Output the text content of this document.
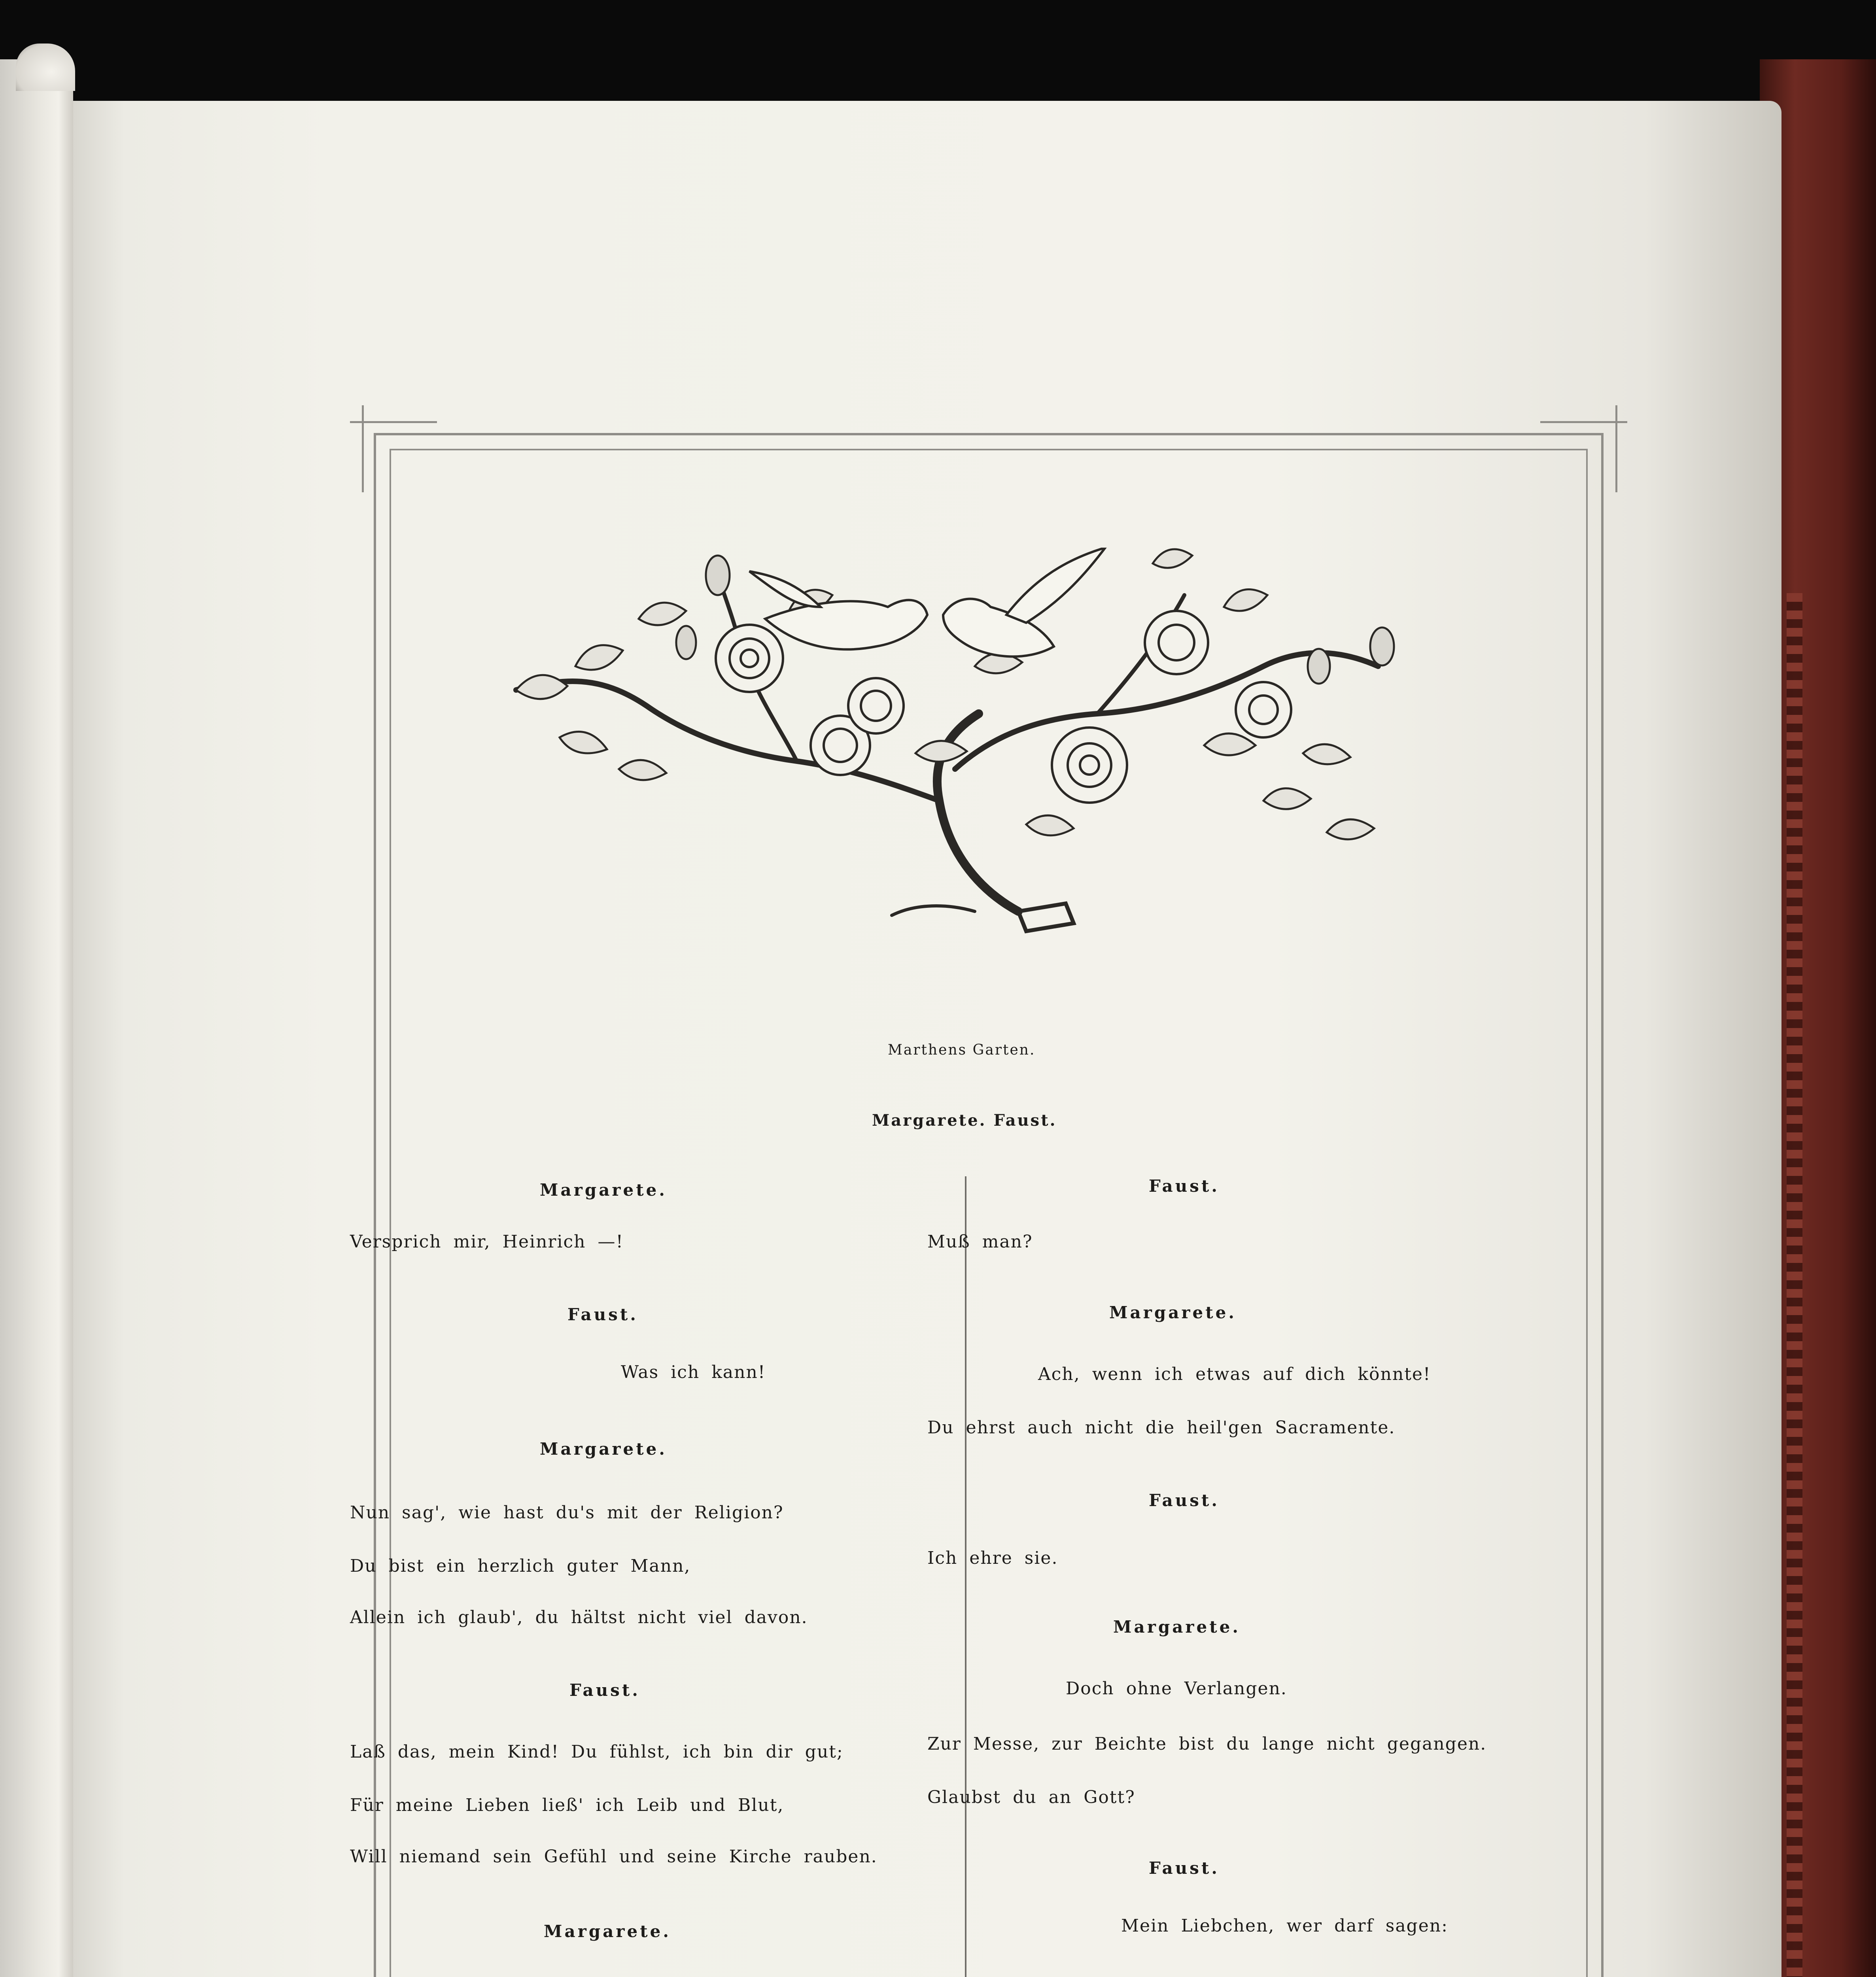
Marthens Garten.
Margarete. Faust.
Margarete.
Versprich mir, Heinrich —!
Faust.
Was ich kann!
Margarete.
Nun sag', wie hast du's mit der Religion?
Du bist ein herzlich guter Mann,
Allein ich glaub', du hältst nicht viel davon.
Faust.
Laß das, mein Kind! Du fühlst, ich bin dir gut;
Für meine Lieben ließ' ich Leib und Blut,
Will niemand sein Gefühl und seine Kirche rauben.
Margarete.
Faust.
Muß man?
Margarete.
Ach, wenn ich etwas auf dich könnte!
Du ehrst auch nicht die heil'gen Sacramente.
Faust.
Ich ehre sie.
Margarete.
Doch ohne Verlangen.
Zur Messe, zur Beichte bist du lange nicht gegangen.
Glaubst du an Gott?
Faust.
Mein Liebchen, wer darf sagen:
